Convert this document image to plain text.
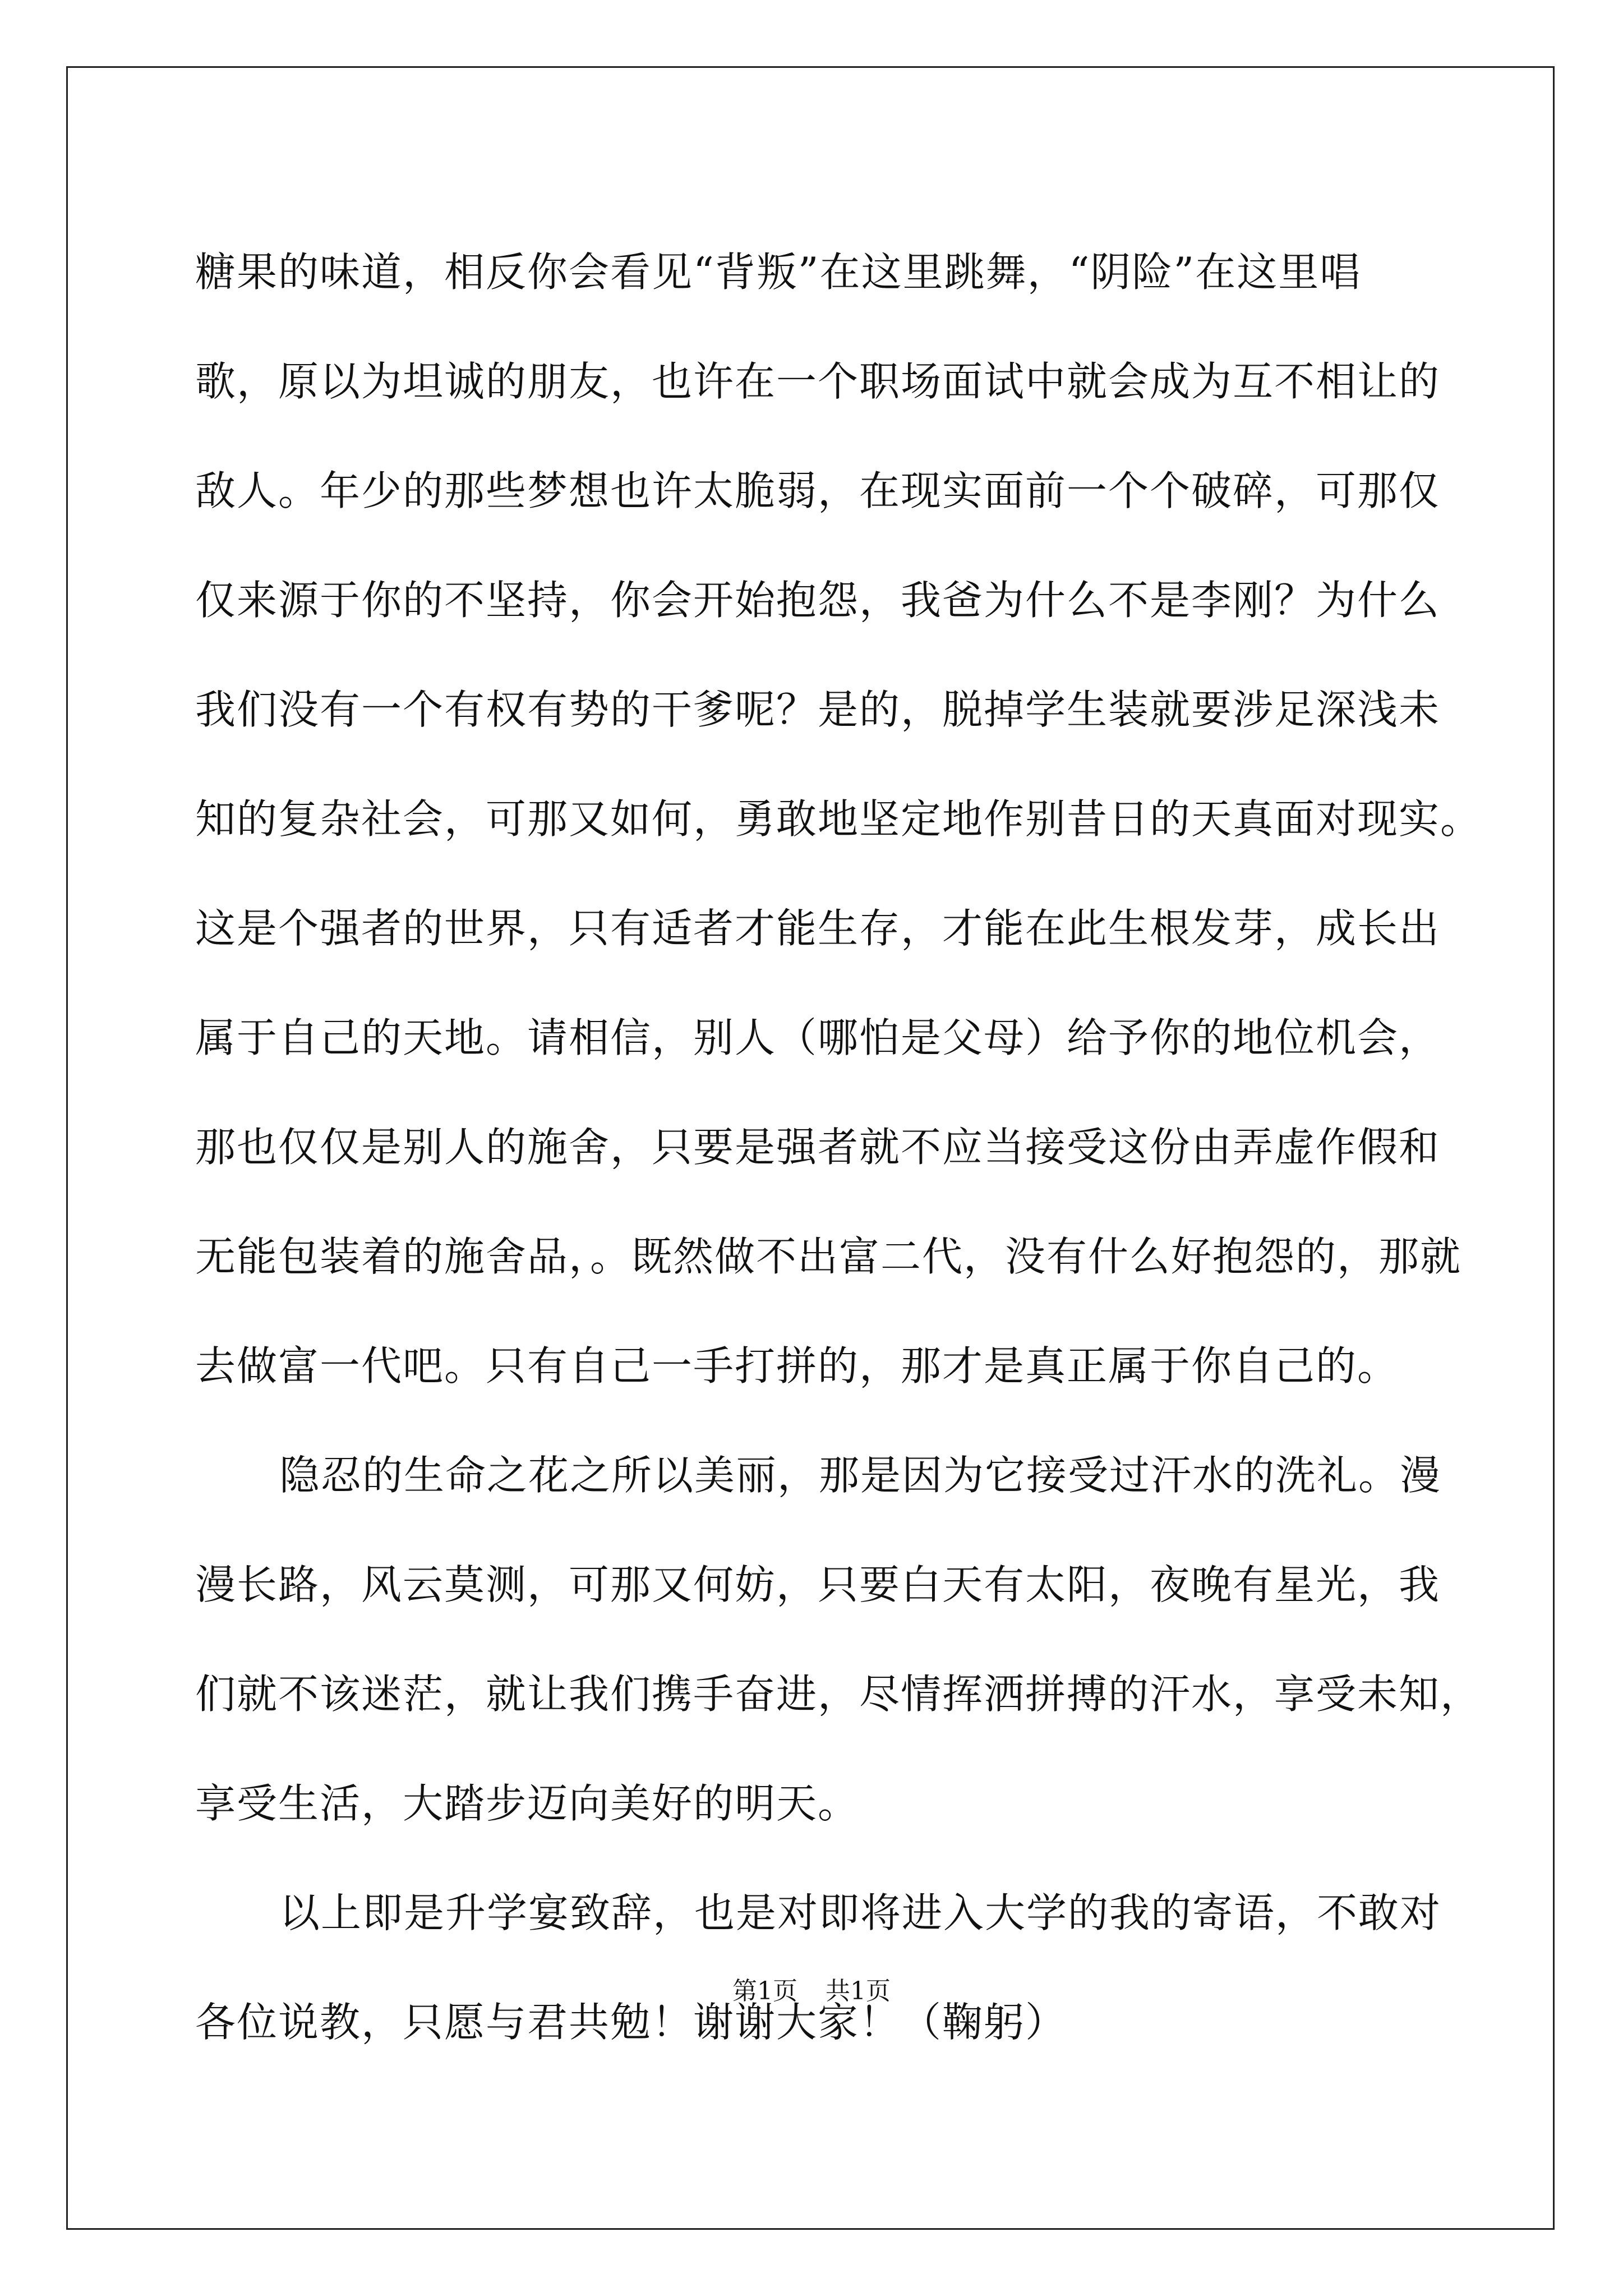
糖果的味道，相反你会看见“背叛”在这里跳舞，“阴险”在这里唱
歌，原以为坦诚的朋友，也许在一个职场面试中就会成为互不相让的
敌人。年少的那些梦想也许太脆弱，在现实面前一个个破碎，可那仅
仅来源于你的不坚持，你会开始抱怨，我爸为什么不是李刚？为什么
我们没有一个有权有势的干爹呢？是的，脱掉学生装就要涉足深浅未
知的复杂社会，可那又如何，勇敢地坚定地作别昔日的天真面对现实。
这是个强者的世界，只有适者才能生存，才能在此生根发芽，成长出
属于自己的天地。请相信，别人（哪怕是父母）给予你的地位机会，
那也仅仅是别人的施舍，只要是强者就不应当接受这份由弄虚作假和
无能包装着的施舍品，。既然做不出富二代，没有什么好抱怨的，那就
去做富一代吧。只有自己一手打拼的，那才是真正属于你自己的。
隐忍的生命之花之所以美丽，那是因为它接受过汗水的洗礼。漫
漫长路，风云莫测，可那又何妨，只要白天有太阳，夜晚有星光，我
们就不该迷茫，就让我们携手奋进，尽情挥洒拼搏的汗水，享受未知，
享受生活，大踏步迈向美好的明天。
以上即是升学宴致辞，也是对即将进入大学的我的寄语，不敢对
各位说教，只愿与君共勉！谢谢大家！（鞠躬）
第1页 共1页
